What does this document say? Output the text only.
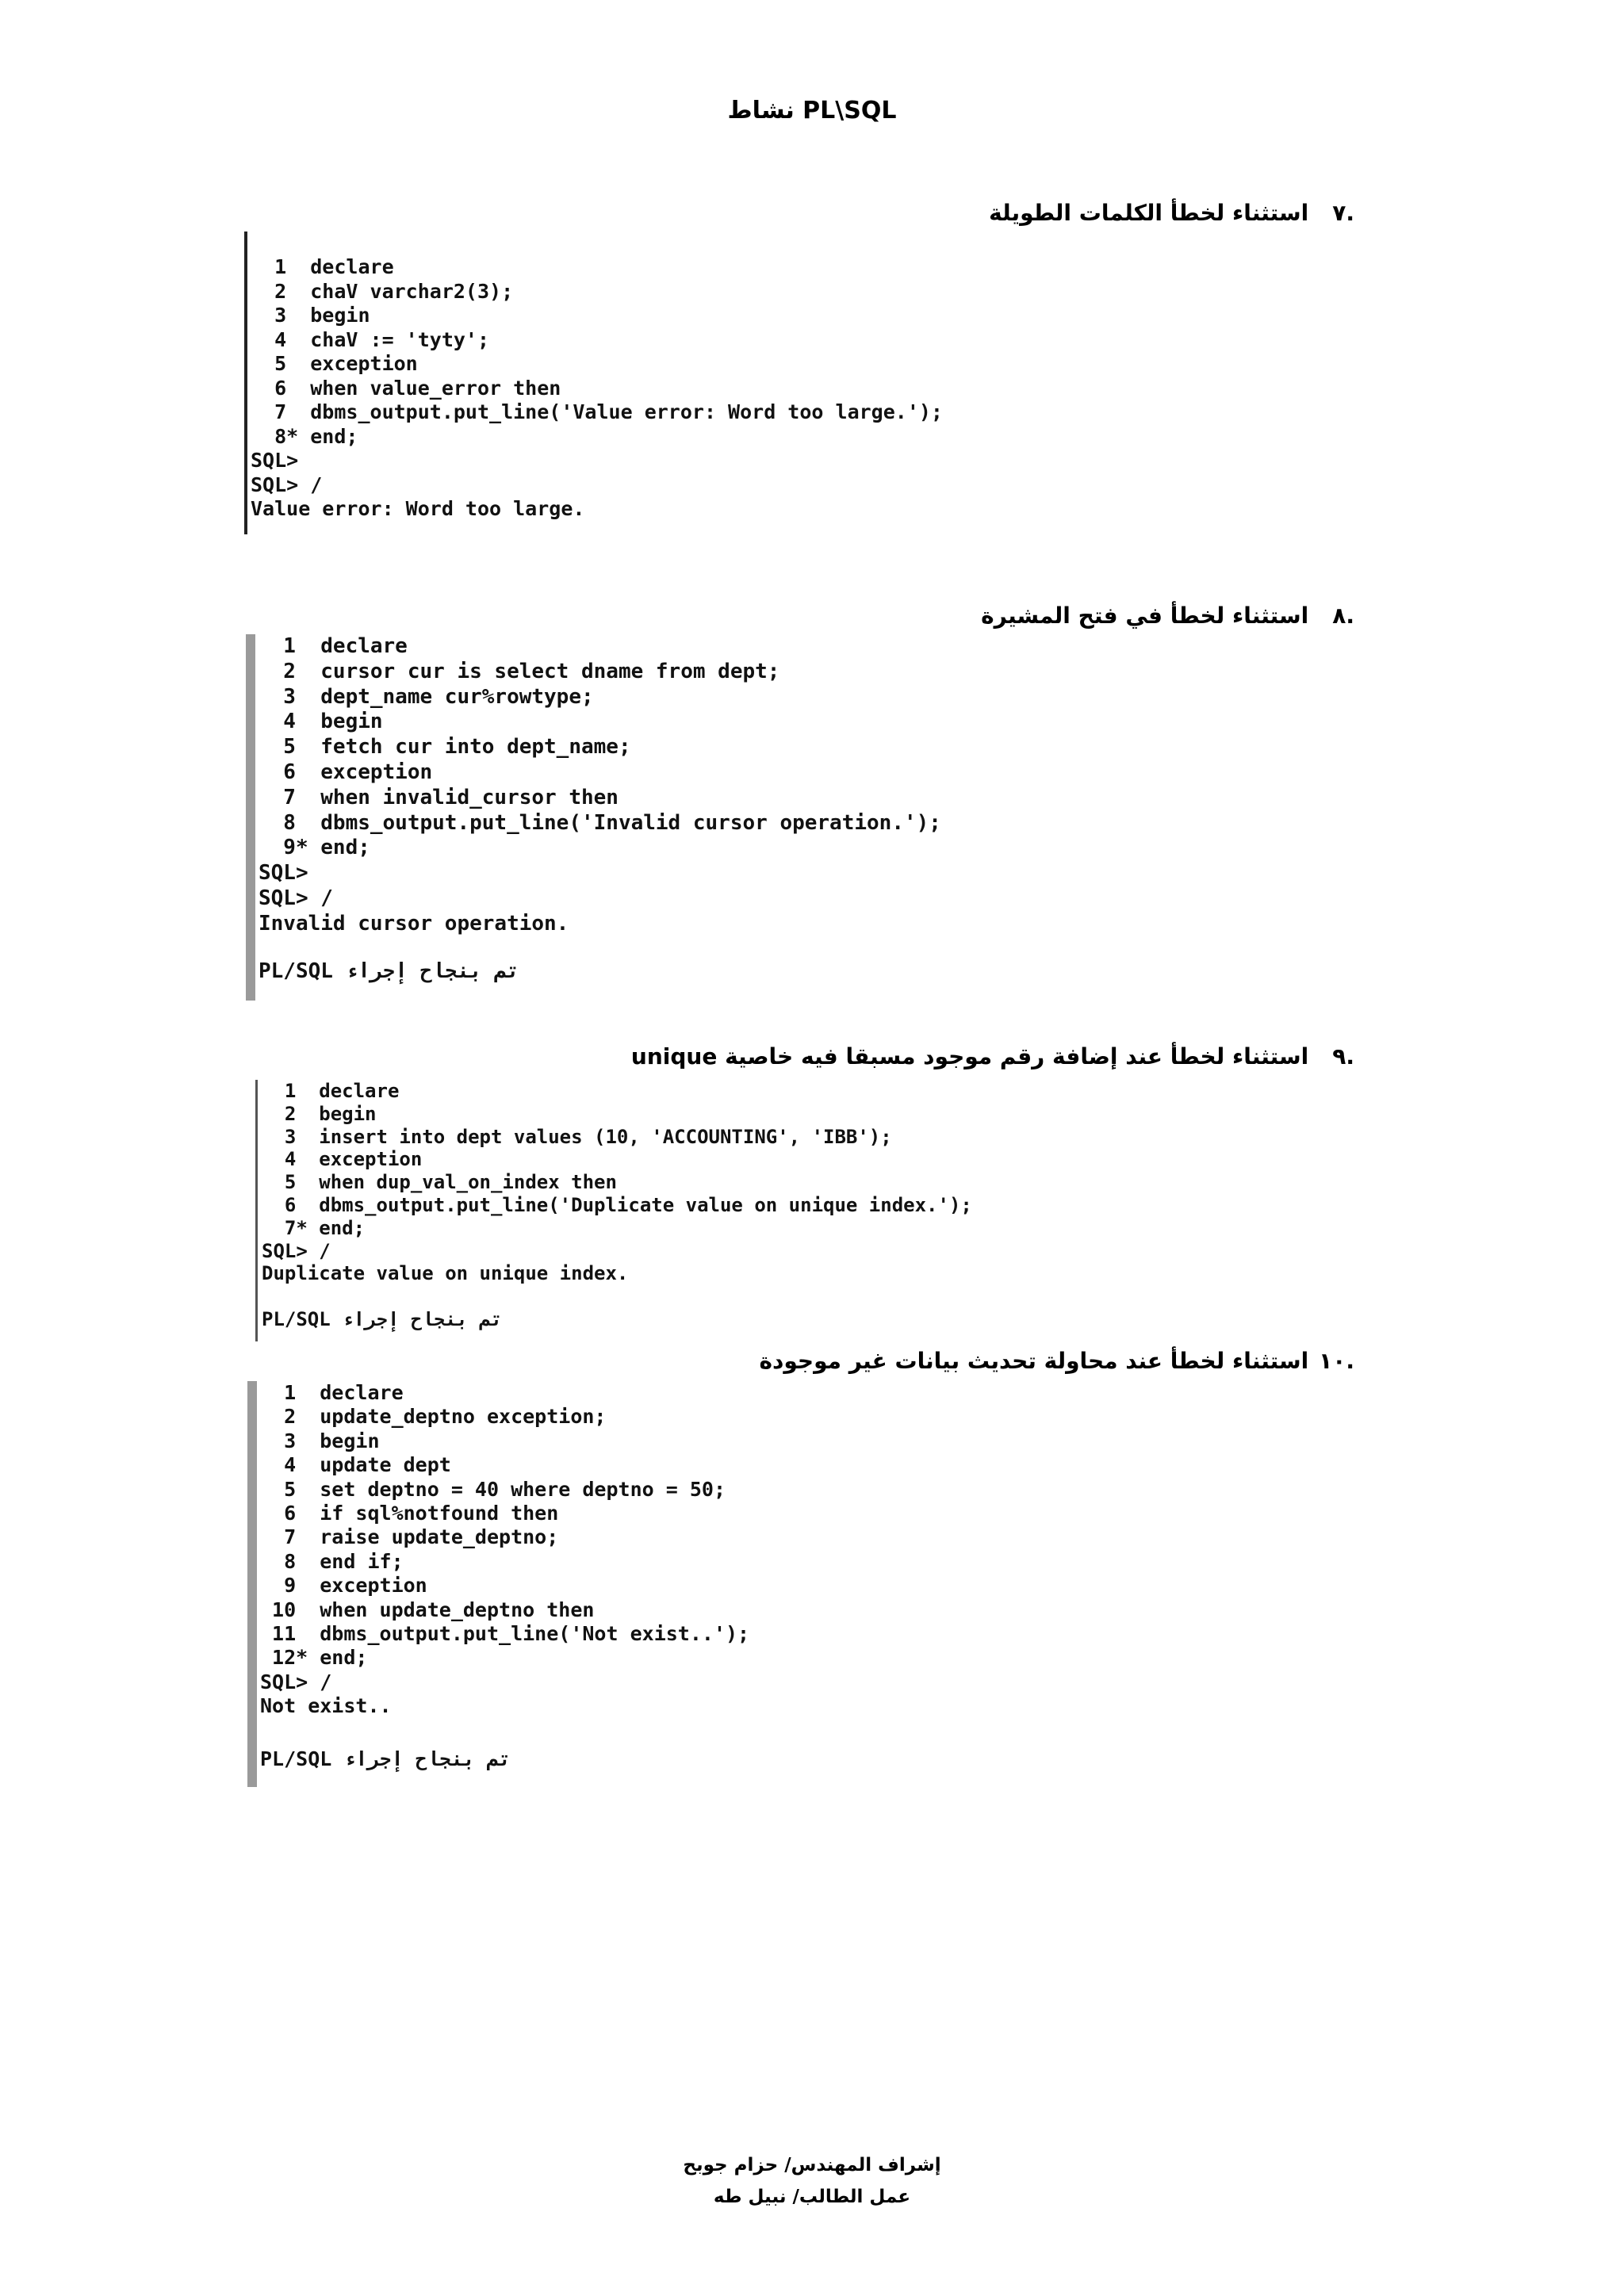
نشاط PL\SQL
.٧ استثناء لخطأ الكلمات الطويلة
1  declare
2  chaV varchar2(3);
3  begin
4  chaV := 'tyty';
5  exception
6  when value_error then
7  dbms_output.put_line('Value error: Word too large.');
8* end;
SQL>
SQL> /
Value error: Word too large.
.٨ استثناء لخطأ في فتح المشيرة
1  declare
2  cursor cur is select dname from dept;
3  dept_name cur%rowtype;
4  begin
5  fetch cur into dept_name;
6  exception
7  when invalid_cursor then
8  dbms_output.put_line('Invalid cursor operation.');
9* end;
SQL>
SQL> /
Invalid cursor operation.
PL/SQL تم بنجاح إجراء
.٩ استثناء لخطأ عند إضافة رقم موجود مسبقا فيه خاصية unique
1  declare
2  begin
3  insert into dept values (10, 'ACCOUNTING', 'IBB');
4  exception
5  when dup_val_on_index then
6  dbms_output.put_line('Duplicate value on unique index.');
7* end;
SQL> /
Duplicate value on unique index.
PL/SQL تم بنجاح إجراء
.١٠ استثناء لخطأ عند محاولة تحديث بيانات غير موجودة
1  declare
2  update_deptno exception;
3  begin
4  update dept
5  set deptno = 40 where deptno = 50;
6  if sql%notfound then
7  raise update_deptno;
8  end if;
9  exception
10  when update_deptno then
11  dbms_output.put_line('Not exist..');
12* end;
SQL> /
Not exist..
PL/SQL تم بنجاح إجراء
إشراف المهندس/ حزام جوبح
عمل الطالب/ نبيل طه
